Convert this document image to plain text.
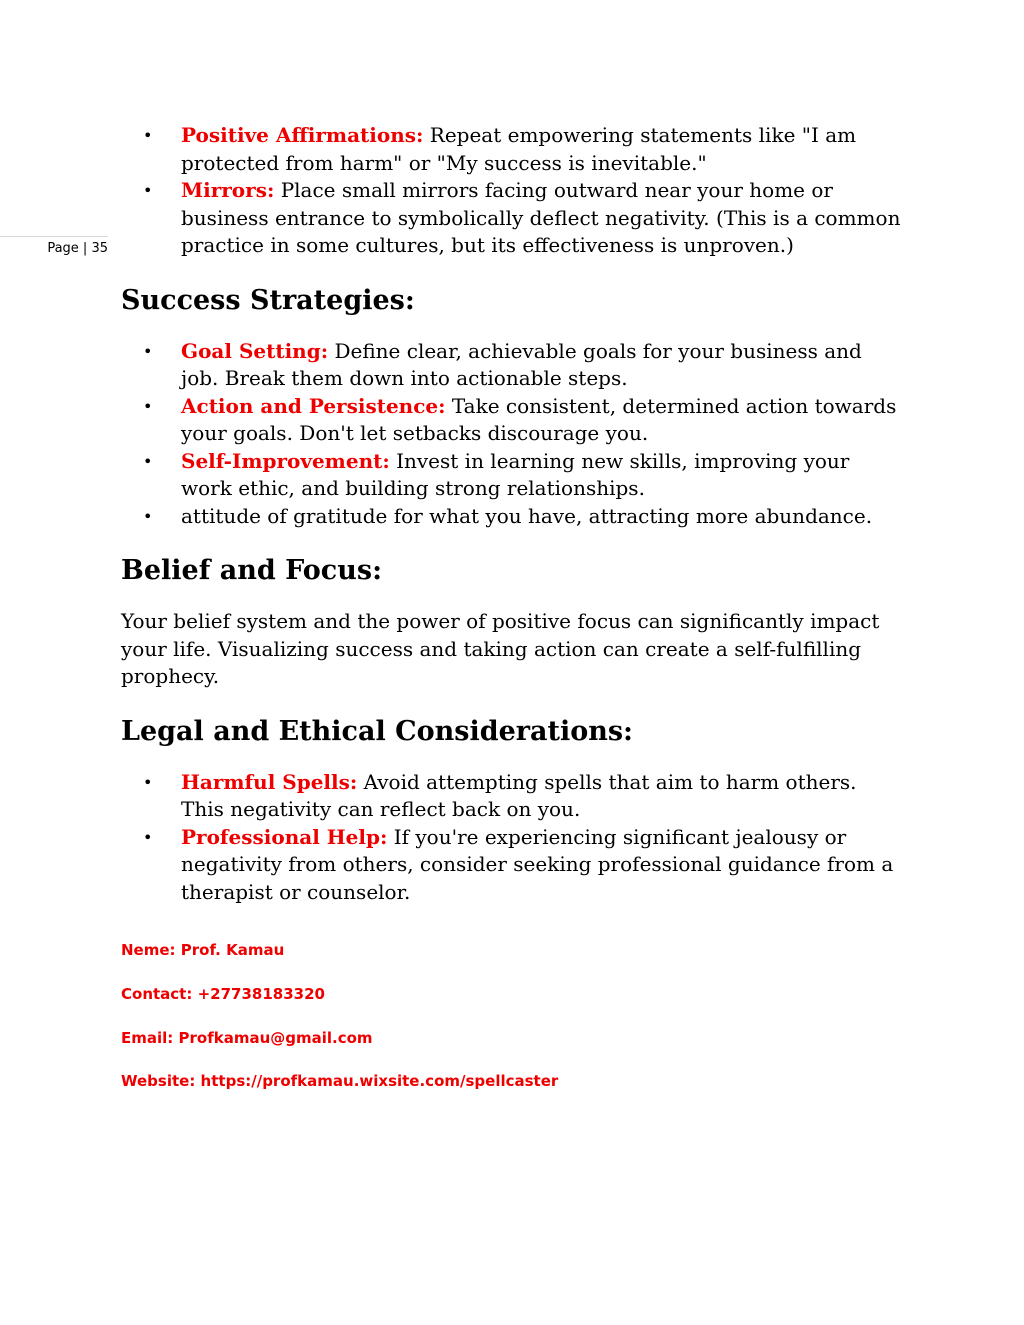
Page | 35
• Positive Affirmations: Repeat empowering statements like "I am protected from harm" or "My success is inevitable."
• Mirrors: Place small mirrors facing outward near your home or business entrance to symbolically deflect negativity. (This is a common practice in some cultures, but its effectiveness is unproven.)
Success Strategies:
• Goal Setting: Define clear, achievable goals for your business and job. Break them down into actionable steps.
• Action and Persistence: Take consistent, determined action towards your goals. Don't let setbacks discourage you.
• Self-Improvement: Invest in learning new skills, improving your work ethic, and building strong relationships.
• attitude of gratitude for what you have, attracting more abundance.
Belief and Focus:

Your belief system and the power of positive focus can significantly impact your life. Visualizing success and taking action can create a self-fulfilling prophecy.

Legal and Ethical Considerations:
• Harmful Spells: Avoid attempting spells that aim to harm others. This negativity can reflect back on you.
• Professional Help: If you're experiencing significant jealousy or negativity from others, consider seeking professional guidance from a therapist or counselor.
Neme: Prof. Kamau
Contact: +27738183320
Email: Profkamau@gmail.com
Website: https://profkamau.wixsite.com/spellcaster
